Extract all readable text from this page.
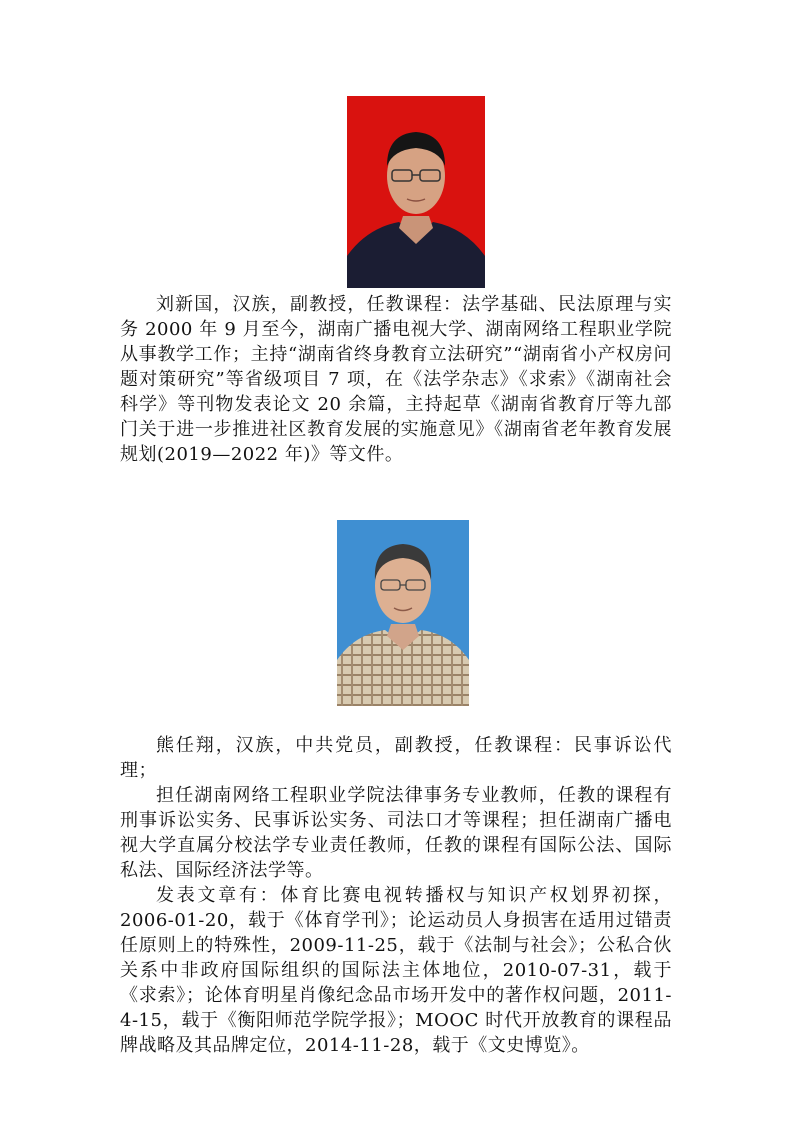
刘新国，汉族，副教授，任教课程：法学基础、民法原理与实务 2000 年 9 月至今，湖南广播电视大学、湖南网络工程职业学院从事教学工作；主持“湖南省终身教育立法研究”“湖南省小产权房问题对策研究”等省级项目 7 项，在《法学杂志》《求索》《湖南社会科学》等刊物发表论文 20 余篇，主持起草《湖南省教育厅等九部门关于进一步推进社区教育发展的实施意见》《湖南省老年教育发展规划(2019—2022 年)》等文件。

熊任翔，汉族，中共党员，副教授，任教课程：民事诉讼代理；

担任湖南网络工程职业学院法律事务专业教师，任教的课程有刑事诉讼实务、民事诉讼实务、司法口才等课程；担任湖南广播电视大学直属分校法学专业责任教师，任教的课程有国际公法、国际私法、国际经济法学等。

发表文章有：体育比赛电视转播权与知识产权划界初探，2006-01-20，载于《体育学刊》；论运动员人身损害在适用过错责任原则上的特殊性，2009-11-25，载于《法制与社会》；公私合伙关系中非政府国际组织的国际法主体地位，2010-07-31，载于《求索》；论体育明星肖像纪念品市场开发中的著作权问题，2011-4-15，载于《衡阳师范学院学报》；MOOC 时代开放教育的课程品牌战略及其品牌定位，2014-11-28，载于《文史博览》。
